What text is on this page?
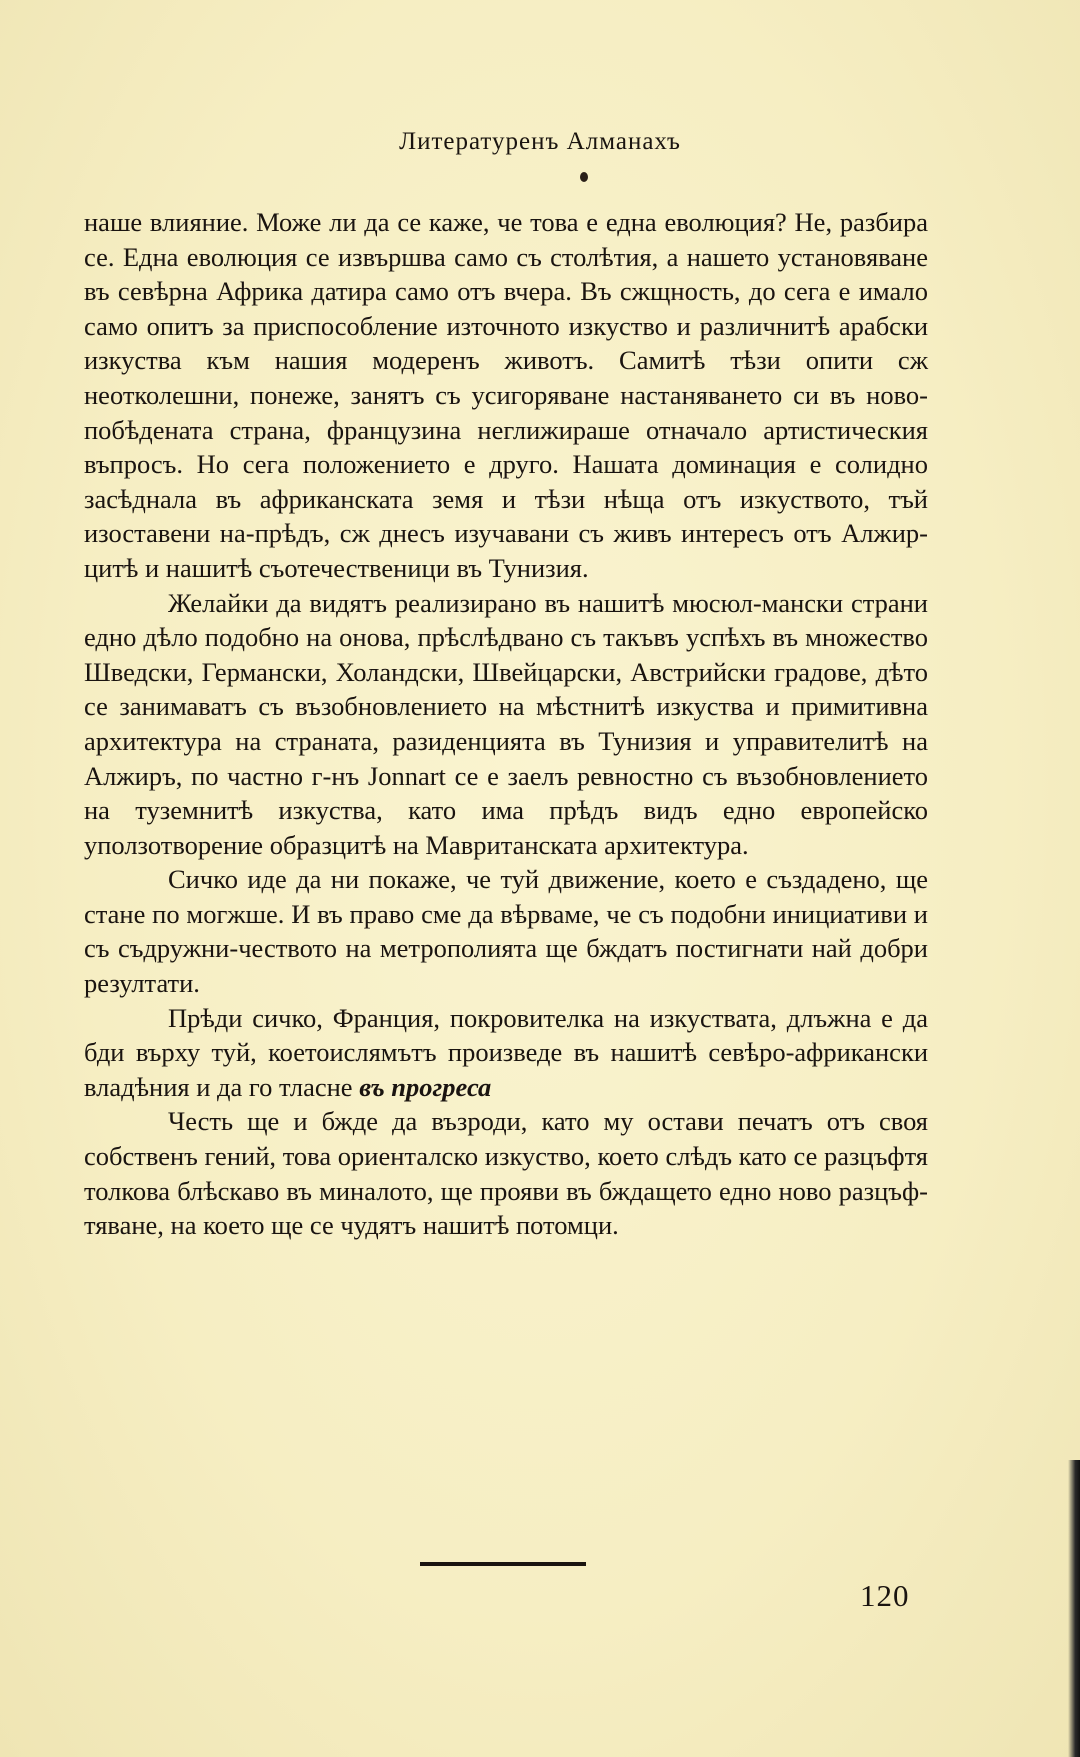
Литературенъ Алманахъ

наше влияние. Може ли да се каже, че това е една еволюция? Не, разбира се. Една еволюция се извършва само съ столѣтия, а нашето установяване въ севѣрна Африка датира само отъ вчера. Въ сжщность, до сега е имало само опитъ за приспособление източното изкуство и различнитѣ арабски изкуства към нашия модеренъ животъ. Самитѣ тѣзи опити сж неотколешни, понеже, занятъ съ усигоряване настаняването си въ ново-побѣдената страна, французина неглижираше отначало артистическия въпросъ. Но сега положението е друго. Нашата доминация е солидно засѣднала въ африканската земя и тѣзи нѣща отъ изкуството, тъй изоставени на-прѣдъ, сж днесъ изучавани съ живъ интересъ отъ Алжир-цитѣ и нашитѣ съотечественици въ Тунизия.

Желайки да видятъ реализирано въ нашитѣ мюсюл-мански страни едно дѣло подобно на онова, прѣслѣдвано съ такъвъ успѣхъ въ множество Шведски, Германски, Холандски, Швейцарски, Австрийски градове, дѣто се занимаватъ съ възобновлението на мѣстнитѣ изкуства и примитивна архитектура на страната, разиденцията въ Тунизия и управителитѣ на Алжиръ, по частно г-нъ Jonnart се е заелъ ревностно съ възобновлението на туземнитѣ изкуства, като има прѣдъ видъ едно европейско уползотворение образцитѣ на Мавританската архитектура.

Сичко иде да ни покаже, че туй движение, което е създадено, ще стане по могжше. И въ право сме да вѣрваме, че съ подобни инициативи и съ съдружни-чеството на метрополията ще бждатъ постигнати най добри резултати.

Прѣди сичко, Франция, покровителка на изкуствата, длъжна е да бди върху туй, коетоислямътъ произведе въ нашитѣ севѣро-африкански владѣния и да го тласне въ прогреса

Честь ще и бжде да възроди, като му остави печатъ отъ своя собственъ гений, това ориенталско изкуство, което слѣдъ като се разцъфтя толкова блѣскаво въ миналото, ще прояви въ бждащето едно ново разцъф-тяване, на което ще се чудятъ нашитѣ потомци.

120
